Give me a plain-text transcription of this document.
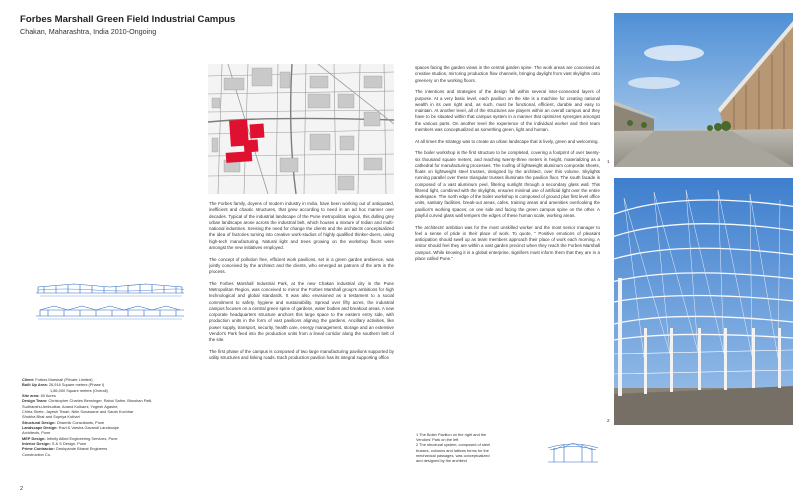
Forbes Marshall Green Field Industrial Campus
Chakan, Maharashtra, India 2010-Ongoing

The Forbes family, doyens of modern industry in India, have been working out of antiquated, inefficient and chaotic structures, that grew according to need in an ad hoc manner over decades. Typical of the industrial landscape of the Pune metropolitan region, this dulling grey urban landscape arose across the industrial belt, which houses a mixture of Indian and multi-national industries. Sensing the need for change the clients and the architects conceptualized the idea of factories turning into creative work-studios of highly qualified thinker-doers, using high-tech manufacturing. Natural light and trees growing on the workshop floors were amongst the new initiatives employed.

The concept of pollution free, efficient work pavilions, set in a green garden ambience, was jointly conceived by the architect and the clients, who emerged as patrons of the arts in the process.

The Forbes Marshall Industrial Park, at the new Chakan industrial city in the Pune Metropolitan Region, was conceived to mirror the Forbes Marshall group's ambitions for high technological and global standards. It was also envisioned as a testament to a social commitment to safety, hygiene and sustainability. Spread over fifty acres, the industrial campus focuses on a central green spine of gardens, water bodies and breakout areas. A new corporate headquarters structure anchors this large space to the eastern entry side, with production units in the form of vast pavilions aligning the gardens. Ancillary activities, like power supply, transport, security, health care, energy management, storage and an extensive Vendor's Park feed into the production units from a lineal corridor along the southern belt of the site.

The first phase of the campus is composed of two large manufacturing pavilions supported by utility structures and linking roads. Each production pavilion has its integral supporting office

spaces facing the garden views in the central garden spine. The work areas are conceived as creative studios, mirroring production flow channels, bringing daylight from vast skylights onto greenery on the working floors.

The intentions and strategies of the design fall within several inter-connected layers of purpose. At a very basic level, each pavilion on the site is a machine for creating national wealth in its own right and, as such, must be functional, efficient, durable and easy to maintain. At another level, all of the structures are players within an overall campus and they have to be situated within that campus system in a manner that optimizes synergies amongst the various parts. On another level the experience of the individual worker and their team members was conceptualized as something green, light and human.

At all times the strategy was to create an urban landscape that is lively, green and welcoming.

The boiler workshop is the first structure to be completed, covering a footprint of over twenty-six thousand square meters, and reaching twenty-three meters in height, materializing as a cathedral for manufacturing processes. The roofing of lightweight aluminum composite sheets, floats on lightweight steel trusses, designed by the architect, over this volume. Skylights running parallel over these triangular trusses illuminate the pavilion floor. The south facade is composed of a vast aluminum peel, filtering sunlight through a secondary glass wall. This filtered light, combined with the skylights, ensures minimal use of artificial light over the entire workspace. The north edge of the boiler workshop is composed of ground plus first level office units, sanitary facilities, break-out areas, cafes, training areas and amenities overlooking the pavilion's working spaces, on one side and facing the green campus spine on the other. A playful curved glass wall tempers the edges of these human scale, working areas.

The architects' ambition was for the most unskilled worker and the most senior manager to feel a sense of pride in their place of work. To quote, " Positive emotions of pleasant anticipation should swell up as team members approach their place of work each morning. A visitor should feel they are within a vast garden precinct when they reach the Forbes Marshall campus. While knowing it is a global enterprise, signifiers must inform them that they are in a place called Pune."

Client: Forbes Marshall (Private Limited)
Built Up Area: 26,916 Square meters (Phase I)
1,86,000 Square meters (Overall)
Site area: 50 Acres
Design Team: Christopher Charles Benninger, Rahul Sathe, Bhushan Patil,
Sudhanshu Ambudkar, Anand Kulkarni, Yogesh Agashe,
Chitra Shete, Jayesh Tiwari, Nitin Sonawane and Sarah Kochhar
Shobha Bhat and Supriya Kothari
Structural Design: Dharmik Consultants, Pune
Landscape Design: Ravi & Varsha Gavandi Landscape
Architects, Pune
MEP Design: Infinity Allied Engineering Services, Pune
Interior Design: S & S Design, Pune
Prime Contractor: Deshpande Bharat Engineers
Construction Co.
2
1
2
1 The Boiler Pavilion on the right and the
Vendors' Park on the left
2 The structural system, composed of steel
trusses, columns and lattices forms for the
mechanical passages, was conceptualized
and designed by the architect
